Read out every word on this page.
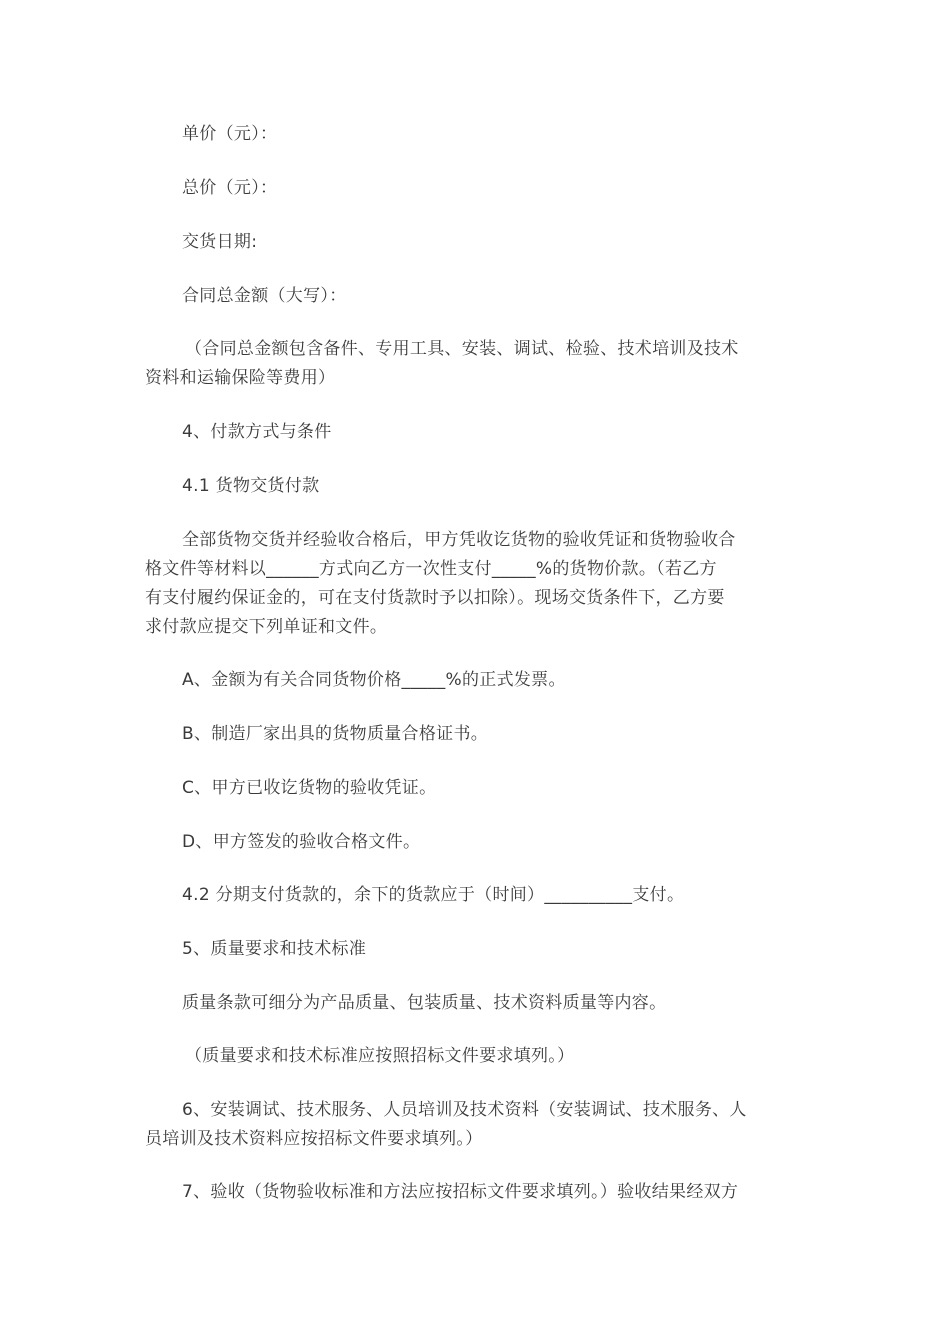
单价（元）：
总价（元）：
交货日期:
合同总金额（大写）：
（合同总金额包含备件、专用工具、安装、调试、检验、技术培训及技术
资料和运输保险等费用）
4、付款方式与条件
4.1 货物交货付款
全部货物交货并经验收合格后，甲方凭收讫货物的验收凭证和货物验收合
格文件等材料以______方式向乙方一次性支付_____%的货物价款。（若乙方
有支付履约保证金的，可在支付货款时予以扣除）。现场交货条件下，乙方要
求付款应提交下列单证和文件。
A、金额为有关合同货物价格_____%的正式发票。
B、制造厂家出具的货物质量合格证书。
C、甲方已收讫货物的验收凭证。
D、甲方签发的验收合格文件。
4.2 分期支付货款的，余下的货款应于（时间）__________支付。
5、质量要求和技术标准
质量条款可细分为产品质量、包装质量、技术资料质量等内容。
（质量要求和技术标准应按照招标文件要求填列。）
6、安装调试、技术服务、人员培训及技术资料（安装调试、技术服务、人
员培训及技术资料应按招标文件要求填列。）
7、验收（货物验收标准和方法应按招标文件要求填列。）验收结果经双方
